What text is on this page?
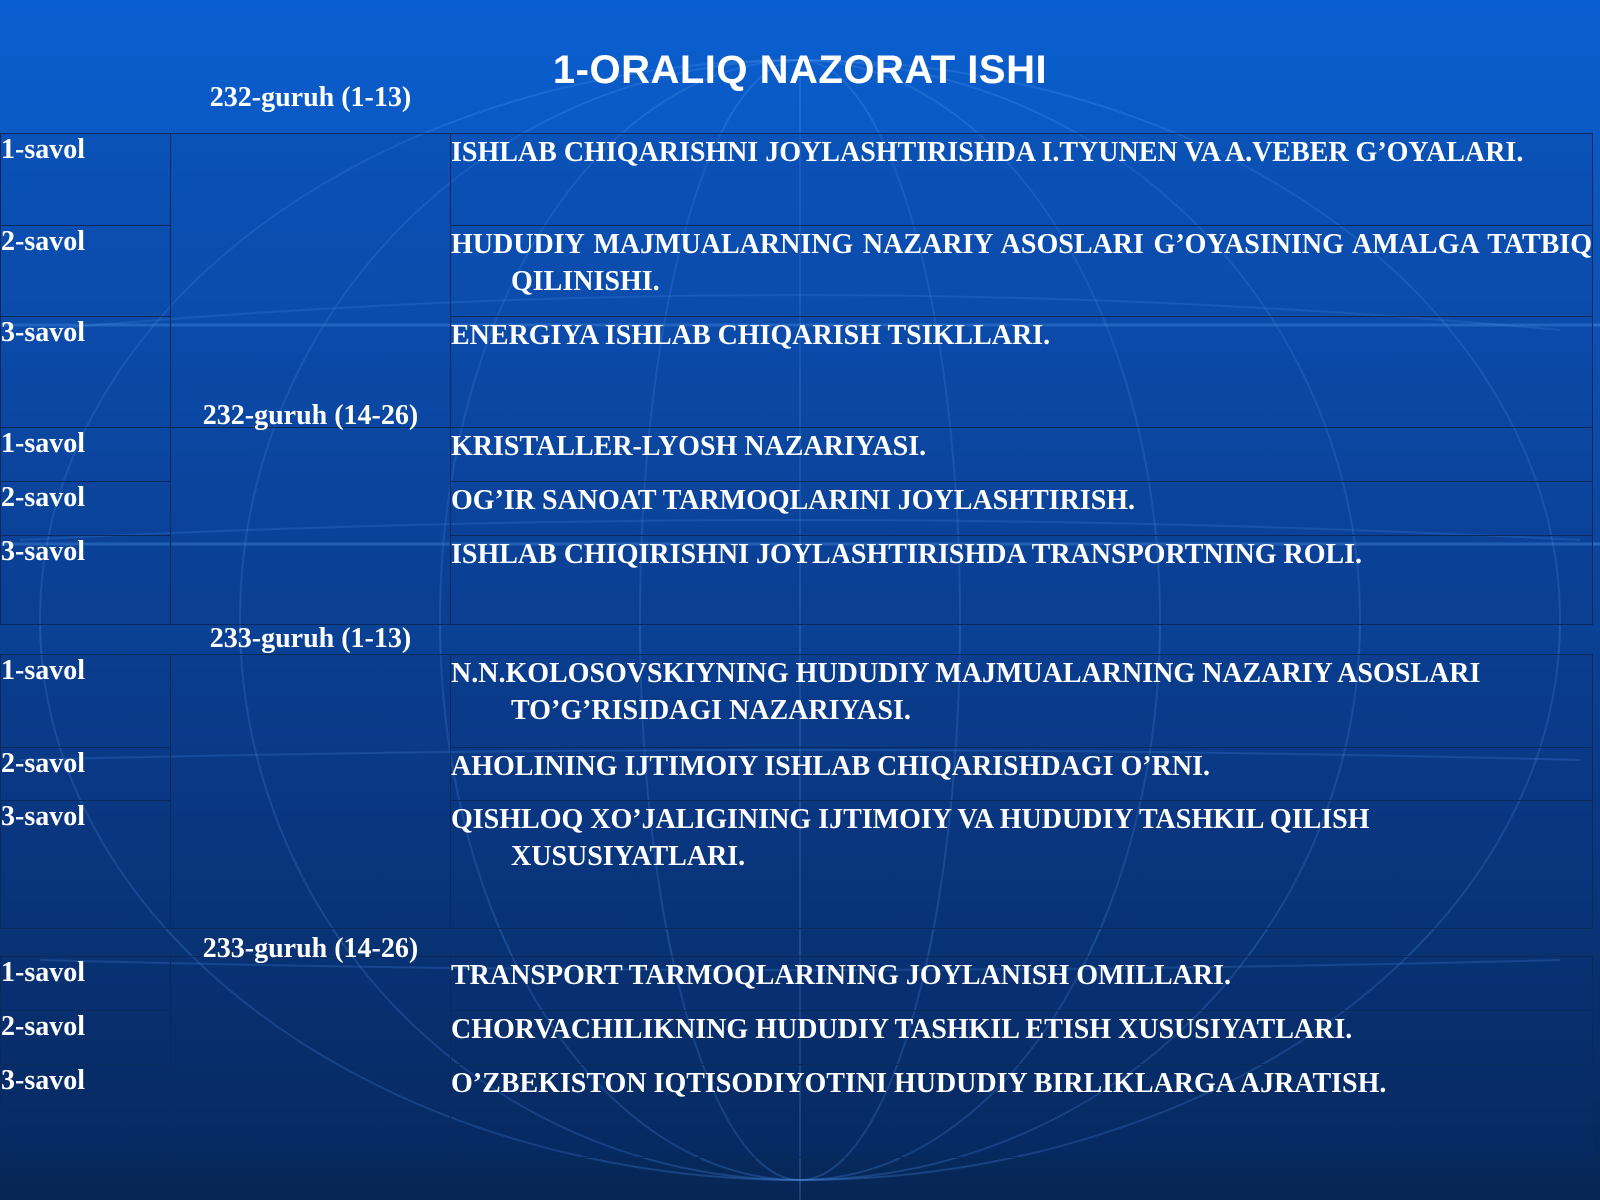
1-ORALIQ NAZORAT ISHI
1-savol	232-guruh (1-13)	ISHLAB CHIQARISHNI JOYLASHTIRISHDA I.TYUNEN VA A.VEBER G’OYALARI.

2-savol		HUDUDIY MAJMUALARNING NAZARIY ASOSLARI G’OYASINING AMALGA TATBIQ QILINISHI.

3-savol		ENERGIYA ISHLAB CHIQARISH TSIKLLARI.
1-savol	232-guruh (14-26)	KRISTALLER-LYOSH NAZARIYASI.

2-savol		OG’IR SANOAT TARMOQLARINI JOYLASHTIRISH.

3-savol		ISHLAB CHIQIRISHNI JOYLASHTIRISHDA TRANSPORTNING ROLI.
1-savol	233-guruh (1-13)	N.N.KOLOSOVSKIYNING HUDUDIY MAJMUALARNING NAZARIY ASOSLARI TO’G’RISIDAGI NAZARIYASI.

2-savol		AHOLINING IJTIMOIY ISHLAB CHIQARISHDAGI O’RNI.

3-savol		QISHLOQ XO’JALIGINING IJTIMOIY VA HUDUDIY TASHKIL QILISH XUSUSIYATLARI.
1-savol	233-guruh (14-26)	TRANSPORT TARMOQLARINING JOYLANISH OMILLARI.

2-savol		CHORVACHILIKNING HUDUDIY TASHKIL ETISH XUSUSIYATLARI.

3-savol		O’ZBEKISTON IQTISODIYOTINI HUDUDIY BIRLIKLARGA AJRATISH.
